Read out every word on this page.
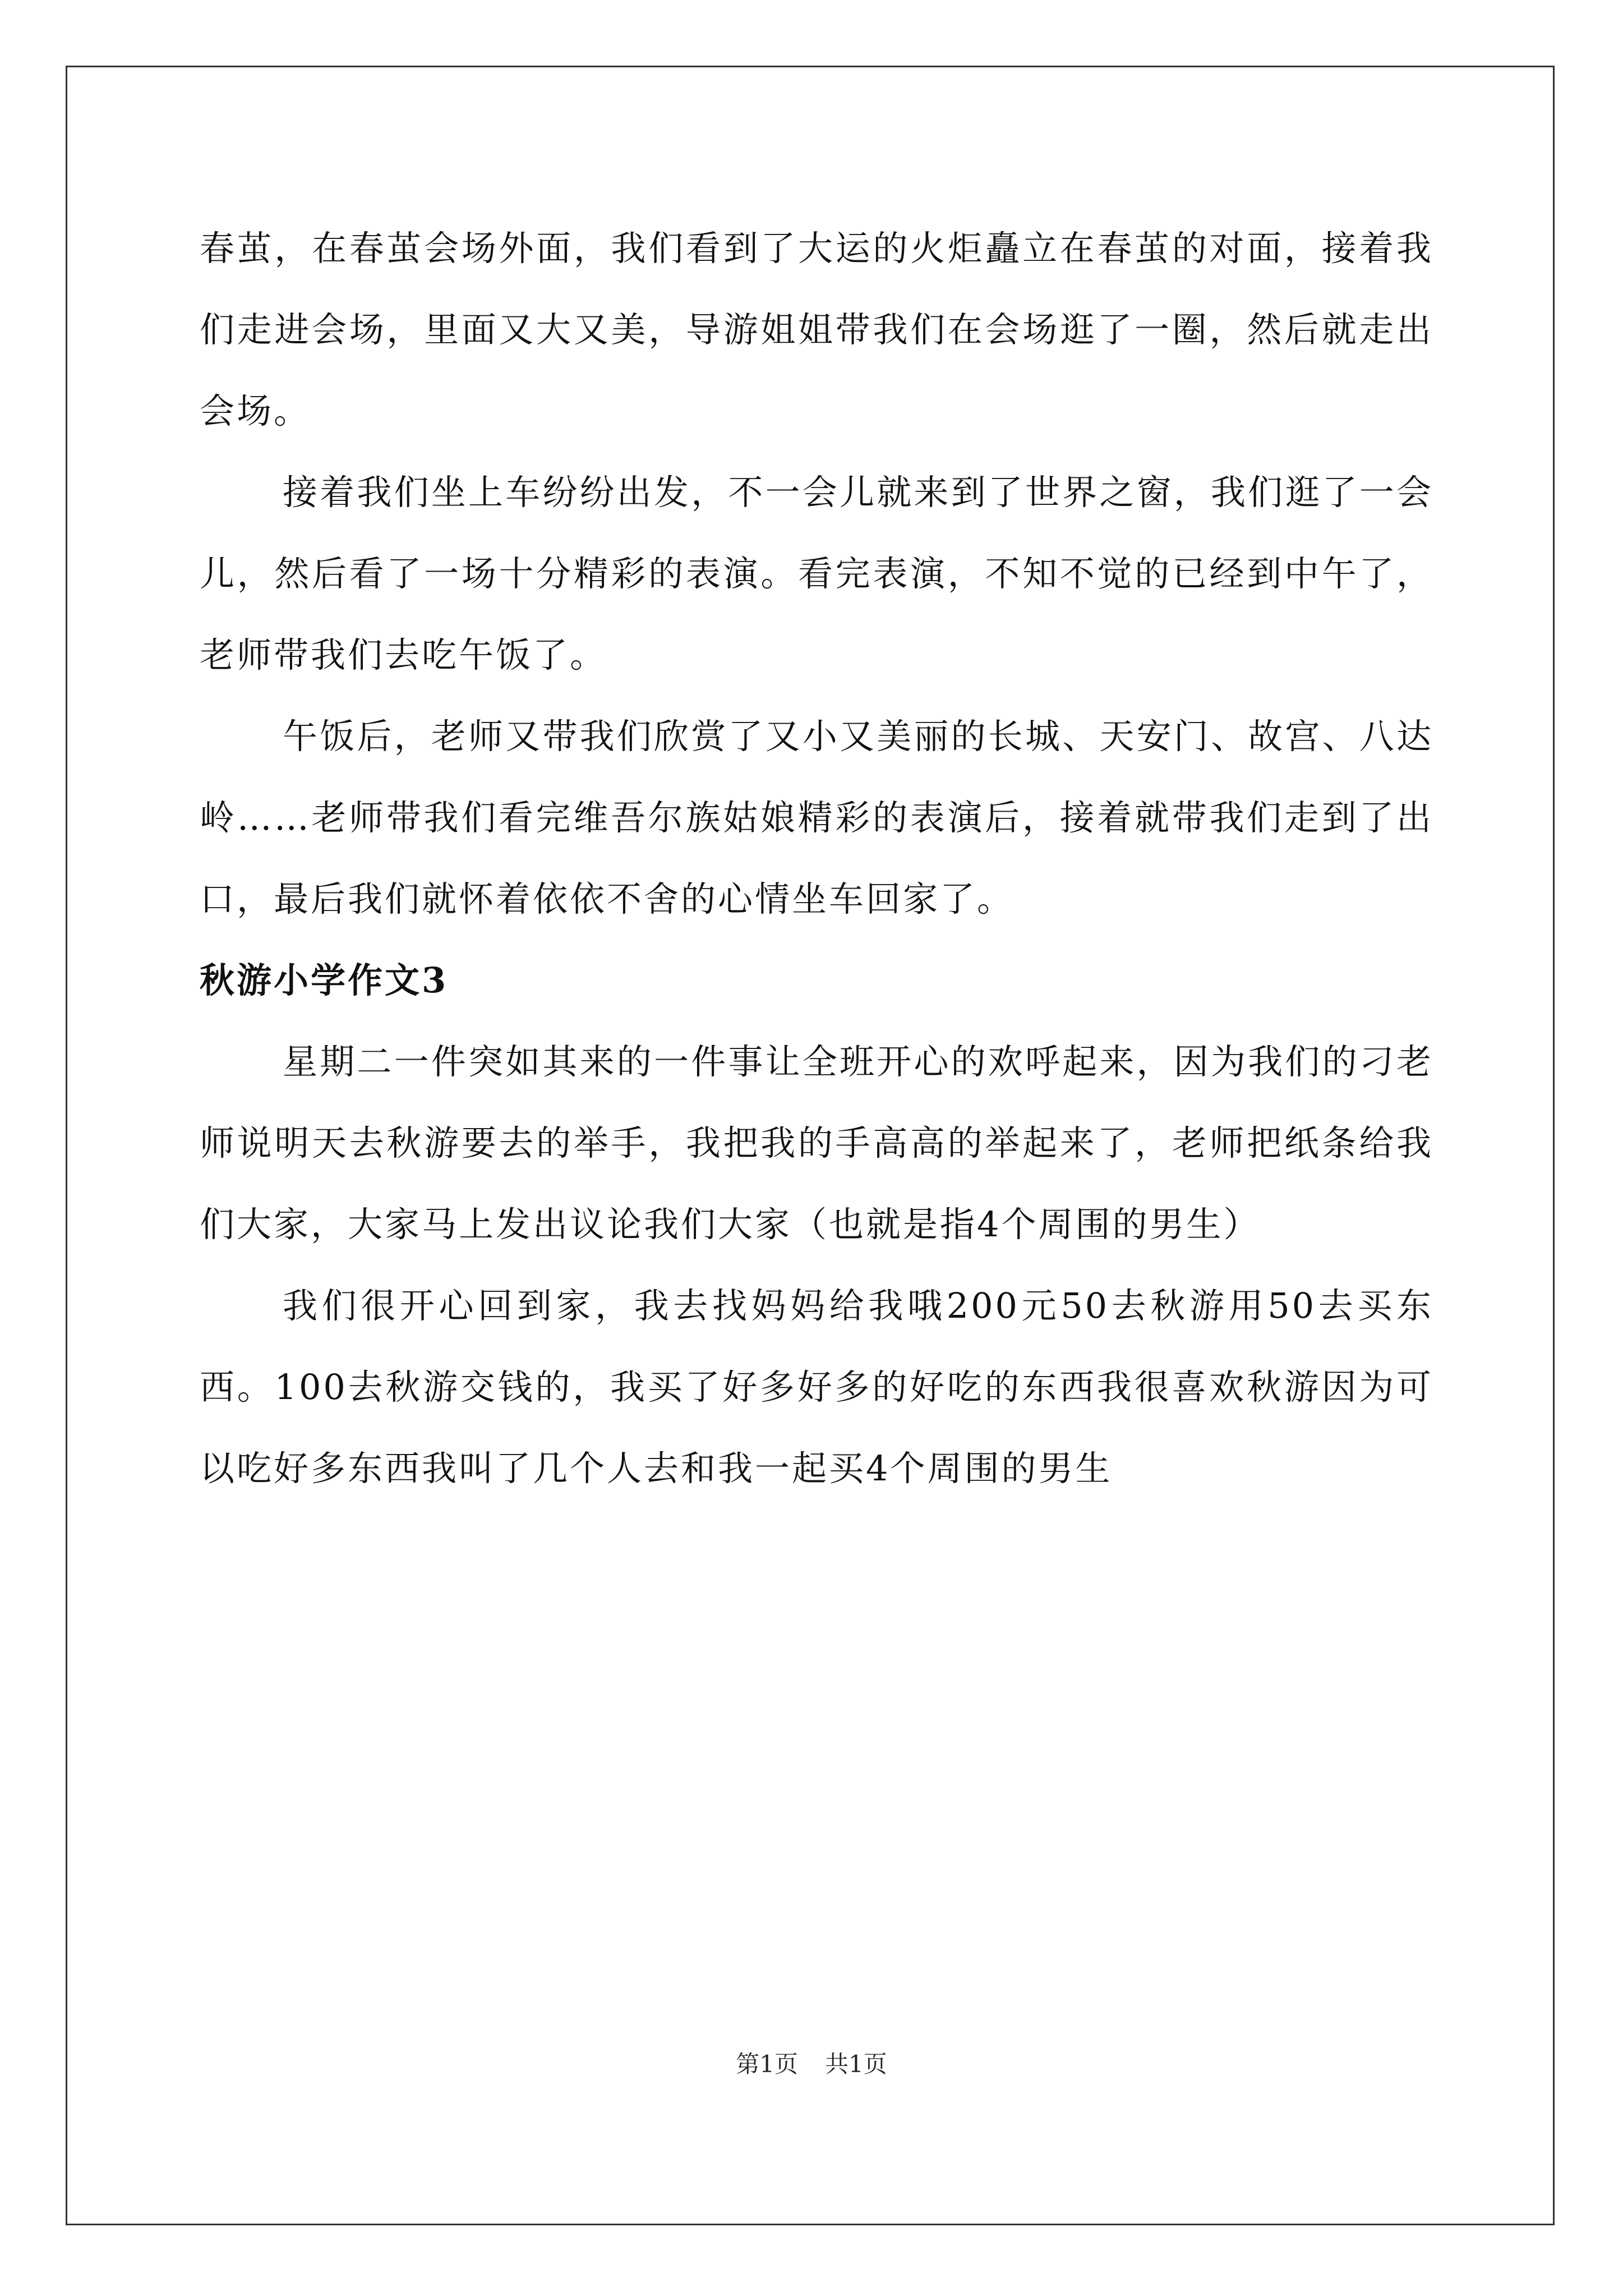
春茧，在春茧会场外面，我们看到了大运的火炬矗立在春茧的对面，接着我们走进会场，里面又大又美，导游姐姐带我们在会场逛了一圈，然后就走出会场。

接着我们坐上车纷纷出发，不一会儿就来到了世界之窗，我们逛了一会儿，然后看了一场十分精彩的表演。看完表演，不知不觉的已经到中午了，老师带我们去吃午饭了。

午饭后，老师又带我们欣赏了又小又美丽的长城、天安门、故宫、八达岭……老师带我们看完维吾尔族姑娘精彩的表演后，接着就带我们走到了出口，最后我们就怀着依依不舍的心情坐车回家了。

秋游小学作文3

星期二一件突如其来的一件事让全班开心的欢呼起来，因为我们的刁老师说明天去秋游要去的举手，我把我的手高高的举起来了，老师把纸条给我们大家，大家马上发出议论我们大家（也就是指4个周围的男生）

我们很开心回到家，我去找妈妈给我哦200元50去秋游用50去买东西。100去秋游交钱的，我买了好多好多的好吃的东西我很喜欢秋游因为可以吃好多东西我叫了几个人去和我一起买4个周围的男生

第1页 共1页
